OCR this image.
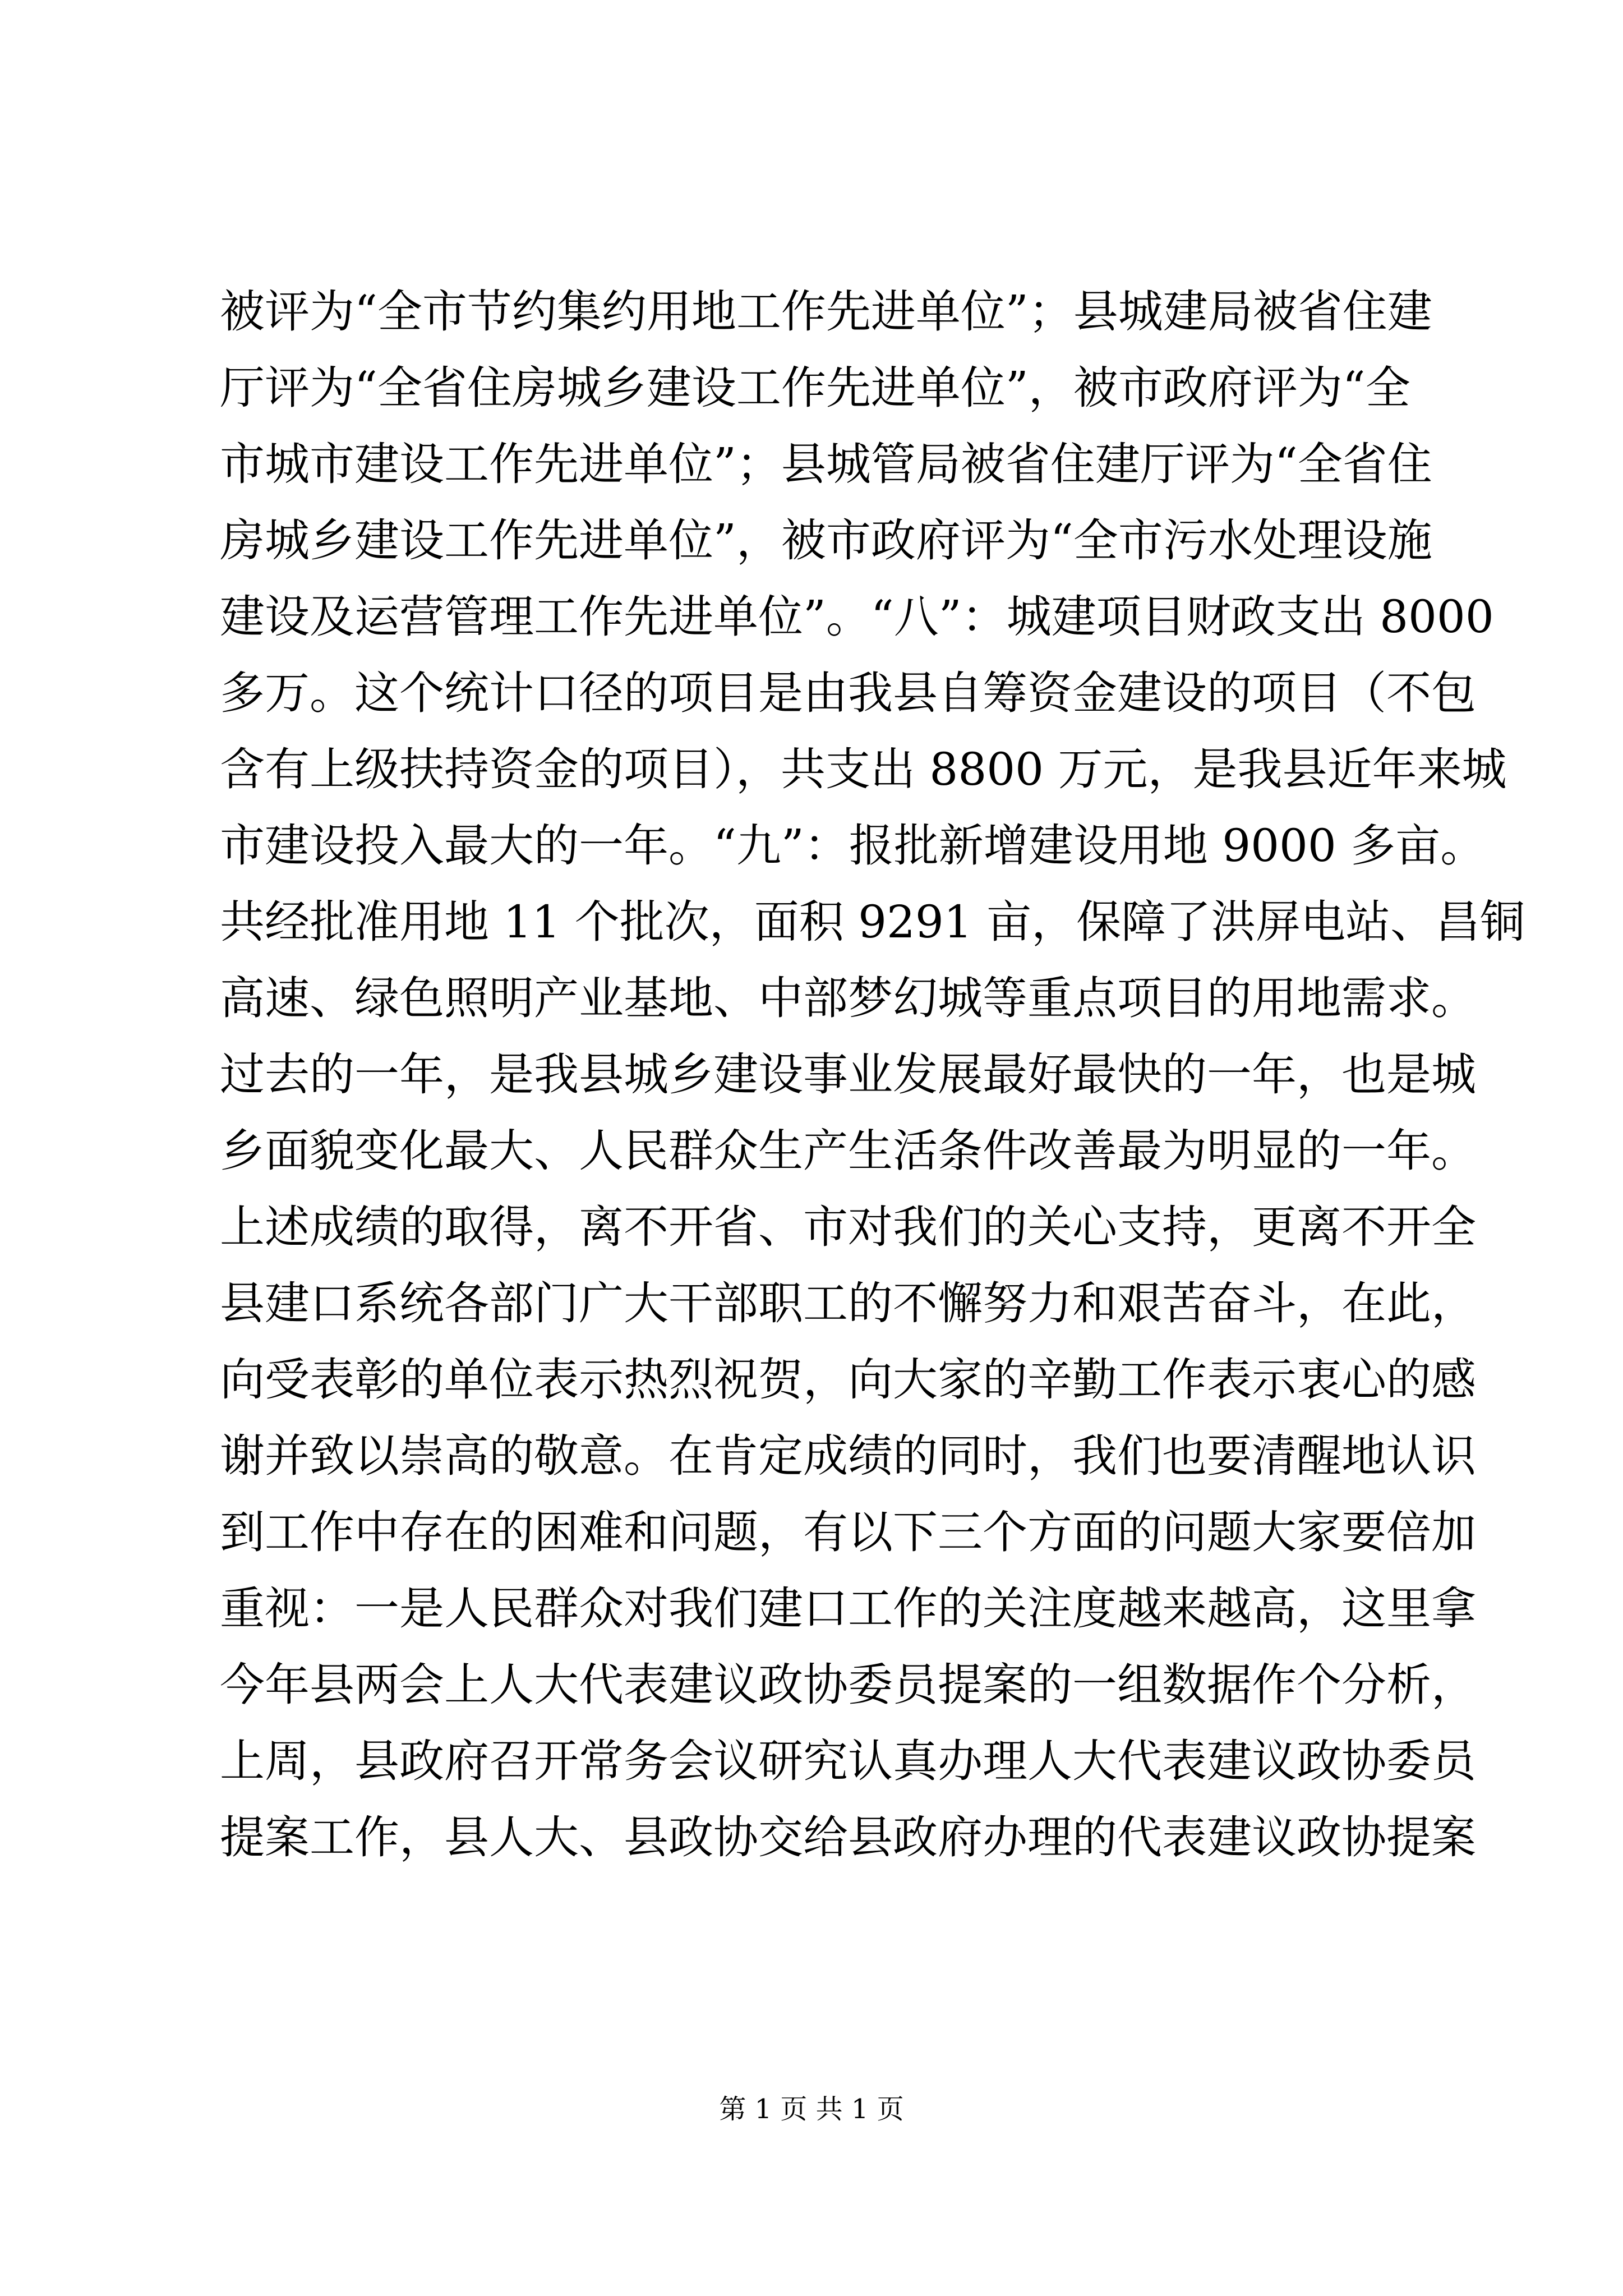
被评为“全市节约集约用地工作先进单位”；县城建局被省住建
厅评为“全省住房城乡建设工作先进单位”，被市政府评为“全
市城市建设工作先进单位”；县城管局被省住建厅评为“全省住
房城乡建设工作先进单位”，被市政府评为“全市污水处理设施
建设及运营管理工作先进单位”。“八”：城建项目财政支出 8000
多万。这个统计口径的项目是由我县自筹资金建设的项目（不包
含有上级扶持资金的项目），共支出 8800 万元，是我县近年来城
市建设投入最大的一年。“九”：报批新增建设用地 9000 多亩。
共经批准用地 11 个批次，面积 9291 亩，保障了洪屏电站、昌铜
高速、绿色照明产业基地、中部梦幻城等重点项目的用地需求。
过去的一年，是我县城乡建设事业发展最好最快的一年，也是城
乡面貌变化最大、人民群众生产生活条件改善最为明显的一年。
上述成绩的取得，离不开省、市对我们的关心支持，更离不开全
县建口系统各部门广大干部职工的不懈努力和艰苦奋斗，在此，
向受表彰的单位表示热烈祝贺，向大家的辛勤工作表示衷心的感
谢并致以崇高的敬意。在肯定成绩的同时，我们也要清醒地认识
到工作中存在的困难和问题，有以下三个方面的问题大家要倍加
重视：一是人民群众对我们建口工作的关注度越来越高，这里拿
今年县两会上人大代表建议政协委员提案的一组数据作个分析，
上周，县政府召开常务会议研究认真办理人大代表建议政协委员
提案工作，县人大、县政协交给县政府办理的代表建议政协提案
第 1 页 共 1 页
